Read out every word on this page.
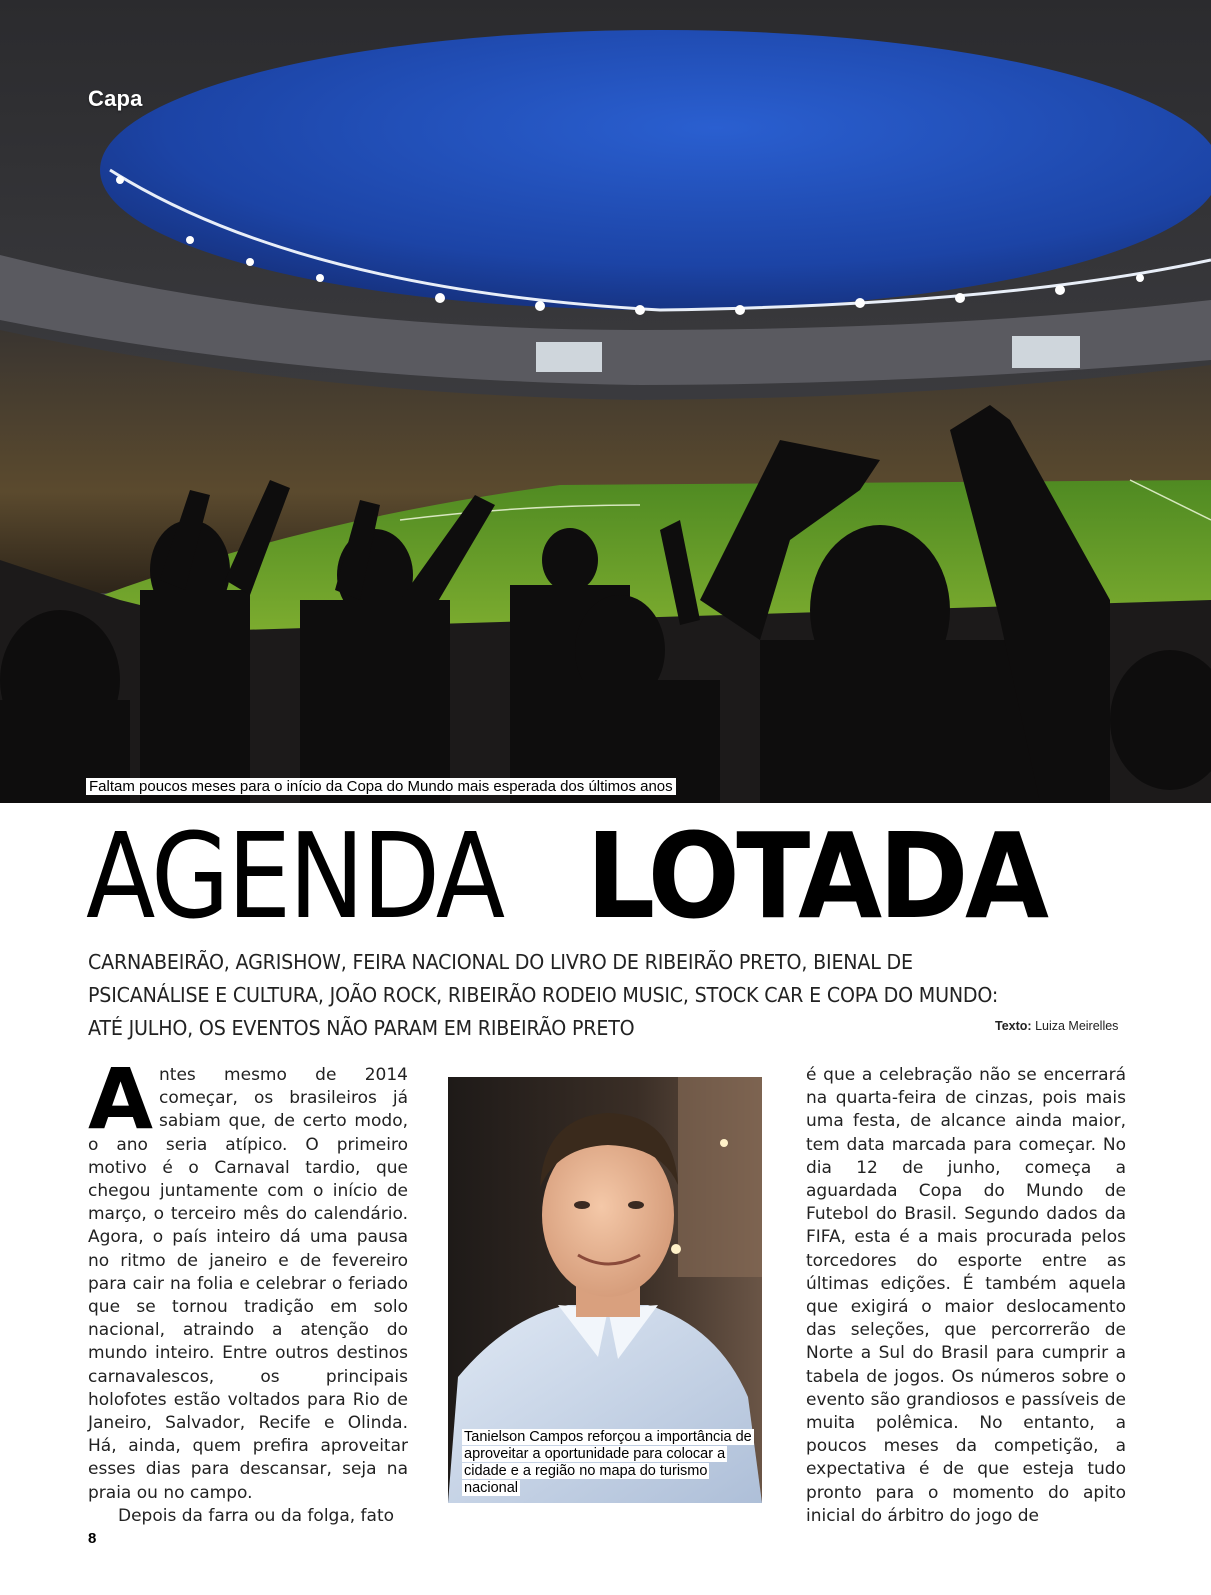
Capa
Faltam poucos meses para o início da Copa do Mundo mais esperada dos últimos anos
AGENDA LOTADA
CARNABEIRÃO, AGRISHOW, FEIRA NACIONAL DO LIVRO DE RIBEIRÃO PRETO, BIENAL DE
PSICANÁLISE E CULTURA, JOÃO ROCK, RIBEIRÃO RODEIO MUSIC, STOCK CAR E COPA DO MUNDO:
ATÉ JULHO, OS EVENTOS NÃO PARAM EM RIBEIRÃO PRETO	Texto: Luiza Meirelles

Antes mesmo de 2014 começar, os brasileiros já sabiam que, de certo modo, o ano seria atípico. O primeiro motivo é o Carnaval tardio, que chegou juntamente com o início de março, o terceiro mês do calendário. Agora, o país inteiro dá uma pausa no ritmo de janeiro e de fevereiro para cair na folia e celebrar o feriado que se tornou tradição em solo nacional, atraindo a atenção do mundo inteiro. Entre outros destinos carnavalescos, os principais holofotes estão voltados para Rio de Janeiro, Salvador, Recife e Olinda. Há, ainda, quem prefira aproveitar esses dias para descansar, seja na praia ou no campo.

Depois da farra ou da folga, fato

Tanielson Campos reforçou a importância de aproveitar a oportunidade para colocar a cidade e a região no mapa do turismo nacional

é que a celebração não se encerrará na quarta-feira de cinzas, pois mais uma festa, de alcance ainda maior, tem data marcada para começar. No dia 12 de junho, começa a aguardada Copa do Mundo de Futebol do Brasil. Segundo dados da FIFA, esta é a mais procurada pelos torcedores do esporte entre as últimas edições. É também aquela que exigirá o maior deslocamento das seleções, que percorrerão de Norte a Sul do Brasil para cumprir a tabela de jogos. Os números sobre o evento são grandiosos e passíveis de muita polêmica. No entanto, a poucos meses da competição, a expectativa é de que esteja tudo pronto para o momento do apito inicial do árbitro do jogo de

8
